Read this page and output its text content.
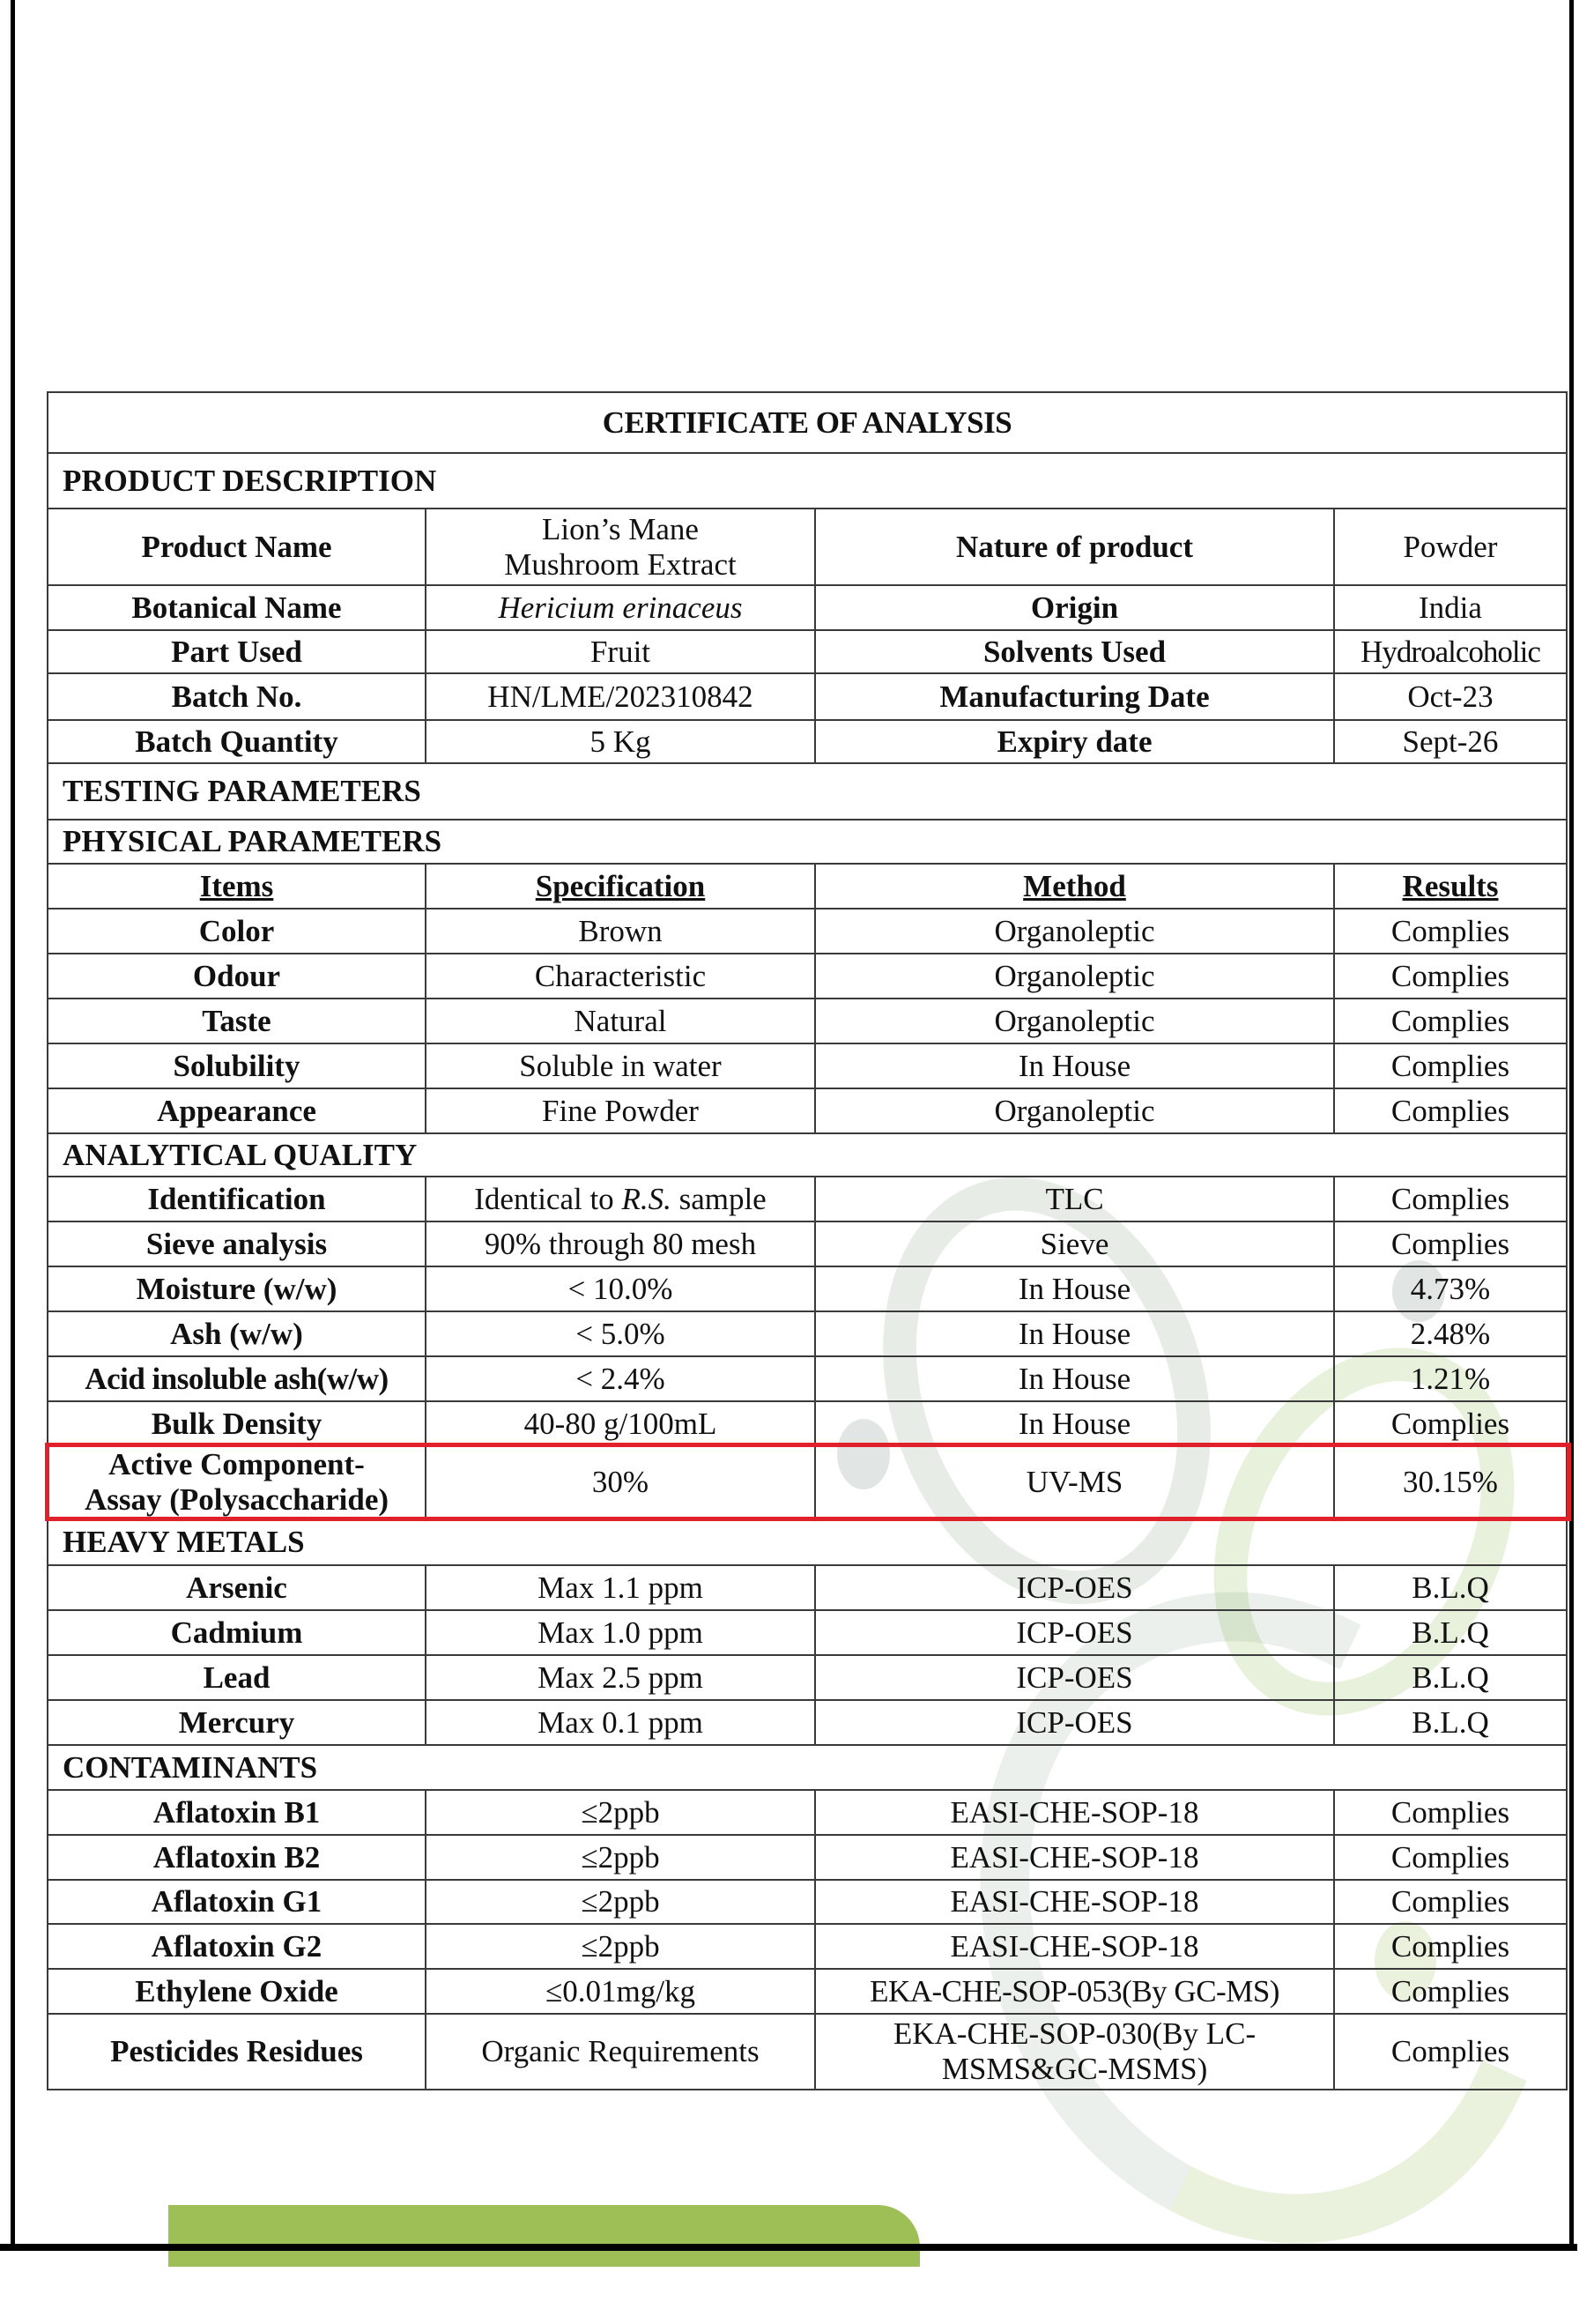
CERTIFICATE OF ANALYSIS			
PRODUCT DESCRIPTION			
Product Name	Lion’s Mane Mushroom Extract	Nature of product	Powder
Botanical Name	Hericium erinaceus	Origin	India
Part Used	Fruit	Solvents Used	Hydroalcoholic
Batch No.	HN/LME/202310842	Manufacturing Date	Oct-23
Batch Quantity	5 Kg	Expiry date	Sept-26
TESTING PARAMETERS			
PHYSICAL PARAMETERS			
Items	Specification	Method	Results
Color	Brown	Organoleptic	Complies
Odour	Characteristic	Organoleptic	Complies
Taste	Natural	Organoleptic	Complies
Solubility	Soluble in water	In House	Complies
Appearance	Fine Powder	Organoleptic	Complies
ANALYTICAL QUALITY			
Identification	Identical to R.S. sample	TLC	Complies
Sieve analysis	90% through 80 mesh	Sieve	Complies
Moisture (w/w)	< 10.0%	In House	4.73%
Ash (w/w)	< 5.0%	In House	2.48%
Acid insoluble ash(w/w)	< 2.4%	In House	1.21%
Bulk Density	40-80 g/100mL	In House	Complies
Active Component-Assay (Polysaccharide)	30%	UV-MS	30.15%
HEAVY METALS			
Arsenic	Max 1.1 ppm	ICP-OES	B.L.Q
Cadmium	Max 1.0 ppm	ICP-OES	B.L.Q
Lead	Max 2.5 ppm	ICP-OES	B.L.Q
Mercury	Max 0.1 ppm	ICP-OES	B.L.Q
CONTAMINANTS			
Aflatoxin B1	≤2ppb	EASI-CHE-SOP-18	Complies
Aflatoxin B2	≤2ppb	EASI-CHE-SOP-18	Complies
Aflatoxin G1	≤2ppb	EASI-CHE-SOP-18	Complies
Aflatoxin G2	≤2ppb	EASI-CHE-SOP-18	Complies
Ethylene Oxide	≤0.01mg/kg	EKA-CHE-SOP-053(By GC-MS)	Complies
Pesticides Residues	Organic Requirements	EKA-CHE-SOP-030(By LC-MSMS&GC-MSMS)	Complies
